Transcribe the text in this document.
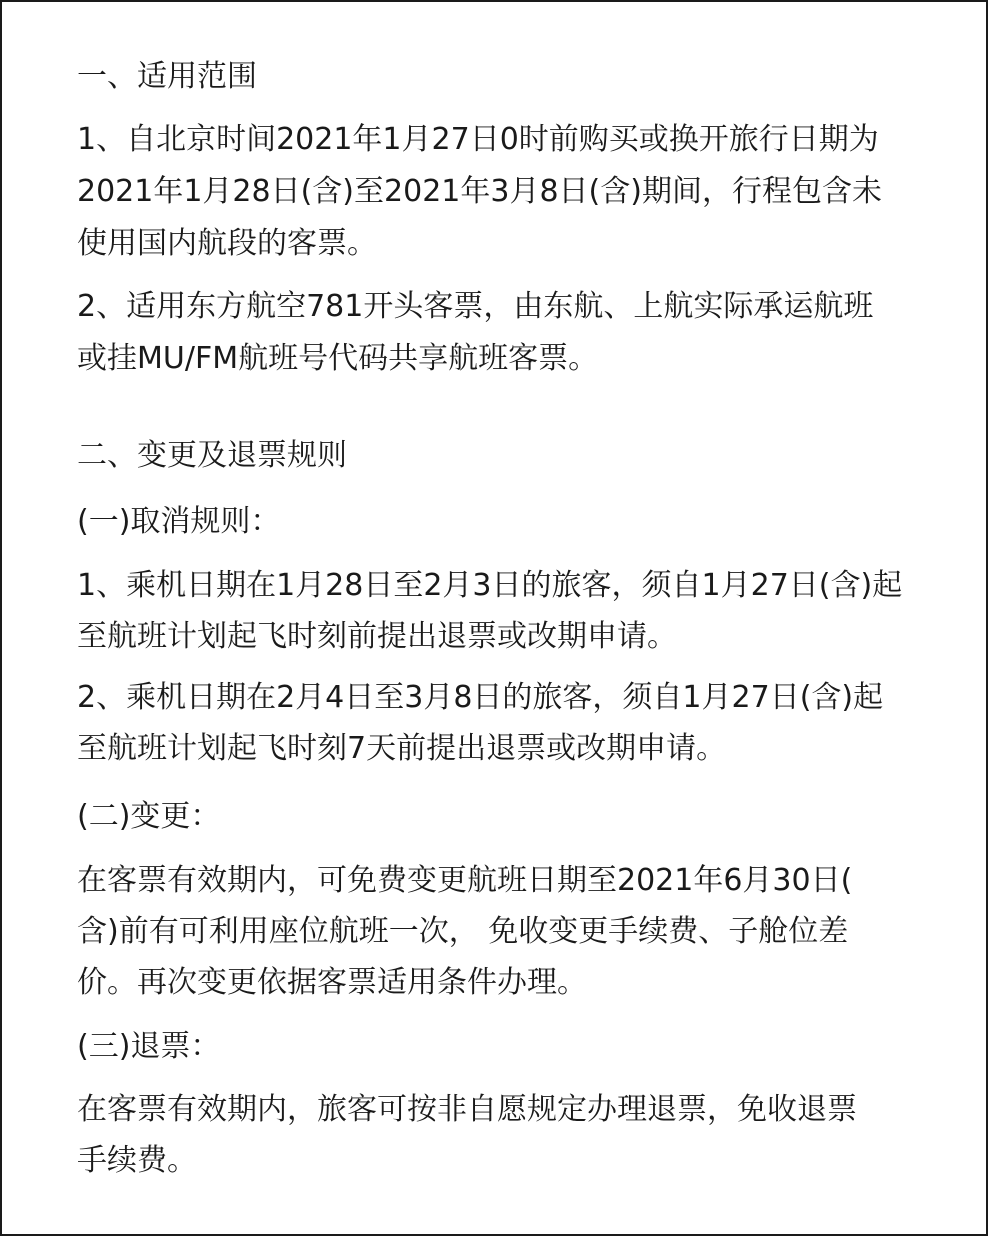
一、适用范围
1、自北京时间2021年1月27日0时前购买或换开旅行日期为
2021年1月28日(含)至2021年3月8日(含)期间，行程包含未
使用国内航段的客票。
2、适用东方航空781开头客票，由东航、上航实际承运航班
或挂MU/FM航班号代码共享航班客票。
二、变更及退票规则
(一)取消规则：
1、乘机日期在1月28日至2月3日的旅客，须自1月27日(含)起
至航班计划起飞时刻前提出退票或改期申请。
2、乘机日期在2月4日至3月8日的旅客，须自1月27日(含)起
至航班计划起飞时刻7天前提出退票或改期申请。
(二)变更：
在客票有效期内，可免费变更航班日期至2021年6月30日(
含)前有可利用座位航班一次， 免收变更手续费、子舱位差
价。再次变更依据客票适用条件办理。
(三)退票：
在客票有效期内，旅客可按非自愿规定办理退票，免收退票
手续费。
